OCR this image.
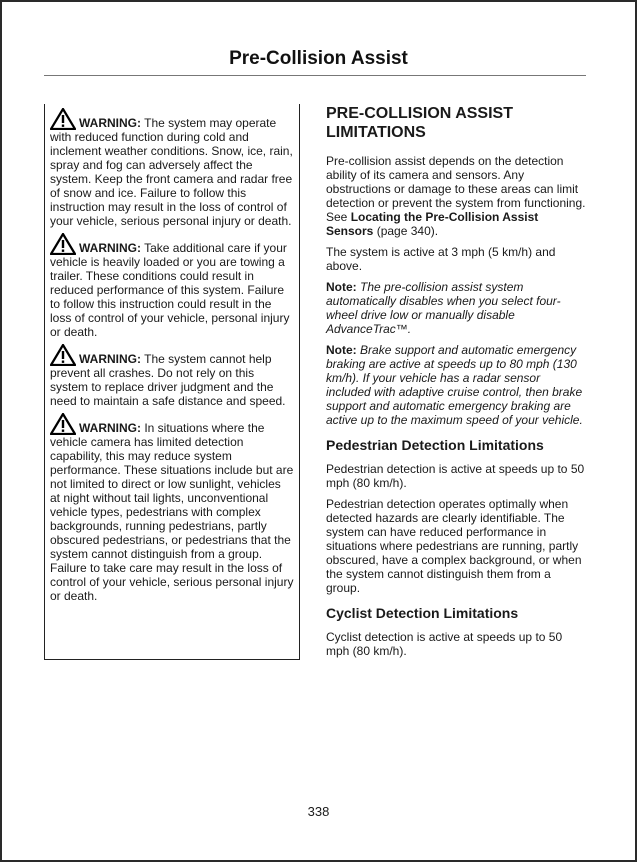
Pre-Collision Assist
WARNING: The system may operate with reduced function during cold and inclement weather conditions. Snow, ice, rain, spray and fog can adversely affect the system. Keep the front camera and radar free of snow and ice. Failure to follow this instruction may result in the loss of control of your vehicle, serious personal injury or death.
WARNING: Take additional care if your vehicle is heavily loaded or you are towing a trailer. These conditions could result in reduced performance of this system. Failure to follow this instruction could result in the loss of control of your vehicle, personal injury or death.
WARNING: The system cannot help prevent all crashes. Do not rely on this system to replace driver judgment and the need to maintain a safe distance and speed.
WARNING: In situations where the vehicle camera has limited detection capability, this may reduce system performance. These situations include but are not limited to direct or low sunlight, vehicles at night without tail lights, unconventional vehicle types, pedestrians with complex backgrounds, running pedestrians, partly obscured pedestrians, or pedestrians that the system cannot distinguish from a group. Failure to take care may result in the loss of control of your vehicle, serious personal injury or death.
PRE-COLLISION ASSIST LIMITATIONS

Pre-collision assist depends on the detection ability of its camera and sensors. Any obstructions or damage to these areas can limit detection or prevent the system from functioning. See Locating the Pre-Collision Assist Sensors (page 340).

The system is active at 3 mph (5 km/h) and above.

Note: The pre-collision assist system automatically disables when you select four-wheel drive low or manually disable AdvanceTrac™.

Note: Brake support and automatic emergency braking are active at speeds up to 80 mph (130 km/h). If your vehicle has a radar sensor included with adaptive cruise control, then brake support and automatic emergency braking are active up to the maximum speed of your vehicle.

Pedestrian Detection Limitations

Pedestrian detection is active at speeds up to 50 mph (80 km/h).

Pedestrian detection operates optimally when detected hazards are clearly identifiable. The system can have reduced performance in situations where pedestrians are running, partly obscured, have a complex background, or when the system cannot distinguish them from a group.

Cyclist Detection Limitations

Cyclist detection is active at speeds up to 50 mph (80 km/h).

338
